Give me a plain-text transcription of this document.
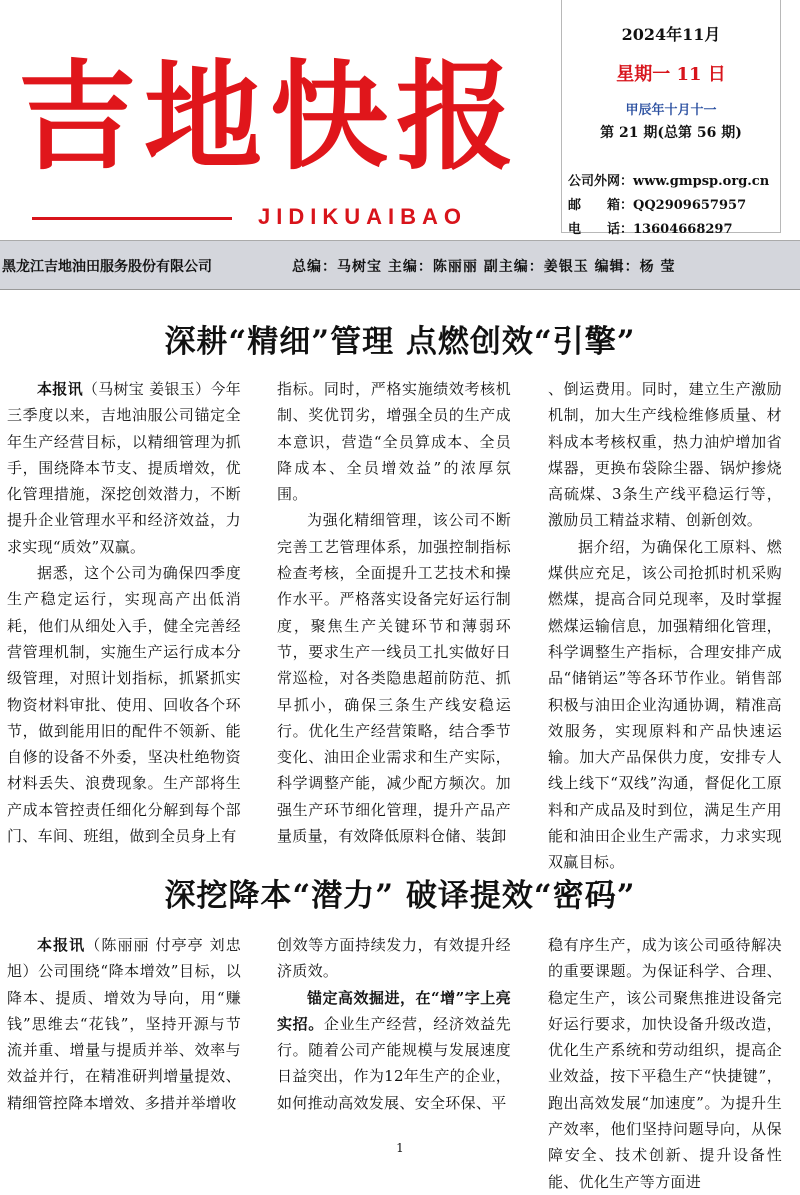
吉地快报
JIDIKUAIBAO
2024年11月
星期一 11 日
甲辰年十月十一
第 21 期(总第 56 期)
公司外网：www.gmpsp.org.cn
邮　　箱：QQ2909657957
电　　话：13604668297
黑龙江吉地油田服务股份有限公司	总编：马树宝 主编：陈丽丽 副主编：姜银玉 编辑：杨 莹
深耕“精细”管理 点燃创效“引擎”

本报讯（马树宝 姜银玉）今年三季度以来，吉地油服公司锚定全年生产经营目标，以精细管理为抓手，围绕降本节支、提质增效，优化管理措施，深挖创效潜力，不断提升企业管理水平和经济效益，力求实现“质效”双赢。

据悉，这个公司为确保四季度生产稳定运行，实现高产出低消耗，他们从细处入手，健全完善经营管理机制，实施生产运行成本分级管理，对照计划指标，抓紧抓实物资材料审批、使用、回收各个环节，做到能用旧的配件不领新、能自修的设备不外委，坚决杜绝物资材料丢失、浪费现象。生产部将生产成本管控责任细化分解到每个部门、车间、班组，做到全员身上有

指标。同时，严格实施绩效考核机制、奖优罚劣，增强全员的生产成本意识，营造“全员算成本、全员降成本、全员增效益”的浓厚氛围。

为强化精细管理，该公司不断完善工艺管理体系，加强控制指标检查考核，全面提升工艺技术和操作水平。严格落实设备完好运行制度，聚焦生产关键环节和薄弱环节，要求生产一线员工扎实做好日常巡检，对各类隐患超前防范、抓早抓小，确保三条生产线安稳运行。优化生产经营策略，结合季节变化、油田企业需求和生产实际，科学调整产能，减少配方频次。加强生产环节细化管理，提升产品产量质量，有效降低原料仓储、装卸

、倒运费用。同时，建立生产激励机制，加大生产线检维修质量、材料成本考核权重，热力油炉增加省煤器，更换布袋除尘器、锅炉掺烧高硫煤、3条生产线平稳运行等，激励员工精益求精、创新创效。

据介绍，为确保化工原料、燃煤供应充足，该公司抢抓时机采购燃煤，提高合同兑现率，及时掌握燃煤运输信息，加强精细化管理，科学调整生产指标，合理安排产成品“储销运”等各环节作业。销售部积极与油田企业沟通协调，精准高效服务，实现原料和产品快速运输。加大产品保供力度，安排专人线上线下“双线”沟通，督促化工原料和产成品及时到位，满足生产用能和油田企业生产需求，力求实现双赢目标。

深挖降本“潜力” 破译提效“密码”

本报讯（陈丽丽 付亭亭 刘忠旭）公司围绕“降本增效”目标，以降本、提质、增效为导向，用“赚钱”思维去“花钱”，坚持开源与节流并重、增量与提质并举、效率与效益并行，在精准研判增量提效、精细管控降本增效、多措并举增收

创效等方面持续发力，有效提升经济质效。

锚定高效掘进，在“增”字上亮实招。企业生产经营，经济效益先行。随着公司产能规模与发展速度日益突出，作为12年生产的企业，如何推动高效发展、安全环保、平

稳有序生产，成为该公司亟待解决的重要课题。为保证科学、合理、稳定生产，该公司聚焦推进设备完好运行要求，加快设备升级改造，优化生产系统和劳动组织，提高企业效益，按下平稳生产“快捷键”，跑出高效发展“加速度”。为提升生产效率，他们坚持问题导向，从保障安全、技术创新、提升设备性能、优化生产等方面进

1
